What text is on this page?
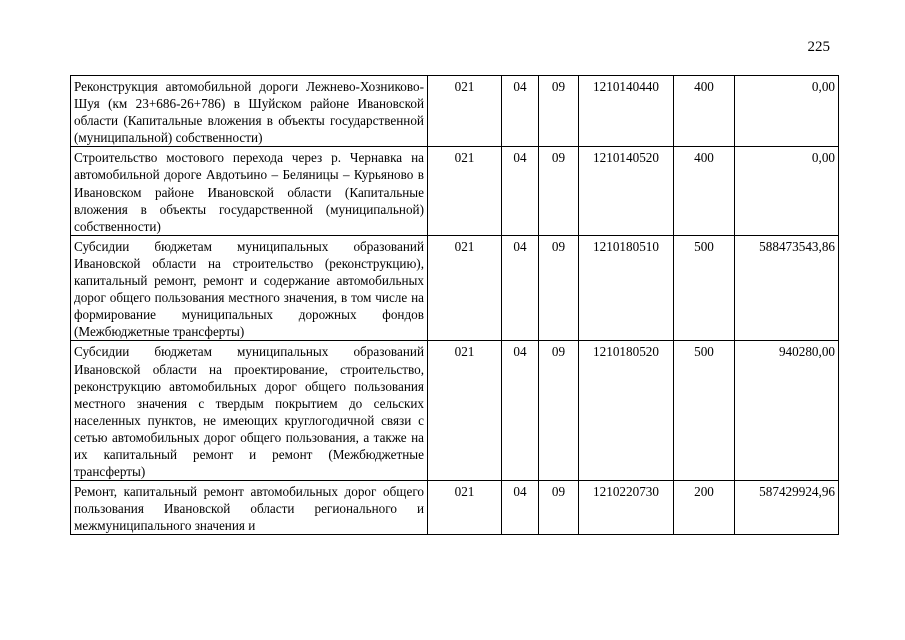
225
Реконструкция автомобильной дороги Лежнево-Хозниково-Шуя (км 23+686-26+786) в Шуйском районе Ивановской области (Капитальные вложения в объекты государственной (муниципальной) собственности)	021	04	09	1210140440	400	0,00
Строительство мостового перехода через р. Чернавка на автомобильной дороге Авдотьино – Беляницы – Курьяново в Ивановском районе Ивановской области (Капитальные вложения в объекты государственной (муниципальной) собственности)	021	04	09	1210140520	400	0,00
Субсидии бюджетам муниципальных образований Ивановской области на строительство (реконструкцию), капитальный ремонт, ремонт и содержание автомобильных дорог общего пользования местного значения, в том числе на формирование муниципальных дорожных фондов (Межбюджетные трансферты)	021	04	09	1210180510	500	588473543,86
Субсидии бюджетам муниципальных образований Ивановской области на проектирование, строительство, реконструкцию автомобильных дорог общего пользования местного значения с твердым покрытием до сельских населенных пунктов, не имеющих круглогодичной связи с сетью автомобильных дорог общего пользования, а также на их капитальный ремонт и ремонт (Межбюджетные трансферты)	021	04	09	1210180520	500	940280,00
Ремонт, капитальный ремонт автомобильных дорог общего пользования Ивановской области регионального и межмуниципального значения и	021	04	09	1210220730	200	587429924,96
